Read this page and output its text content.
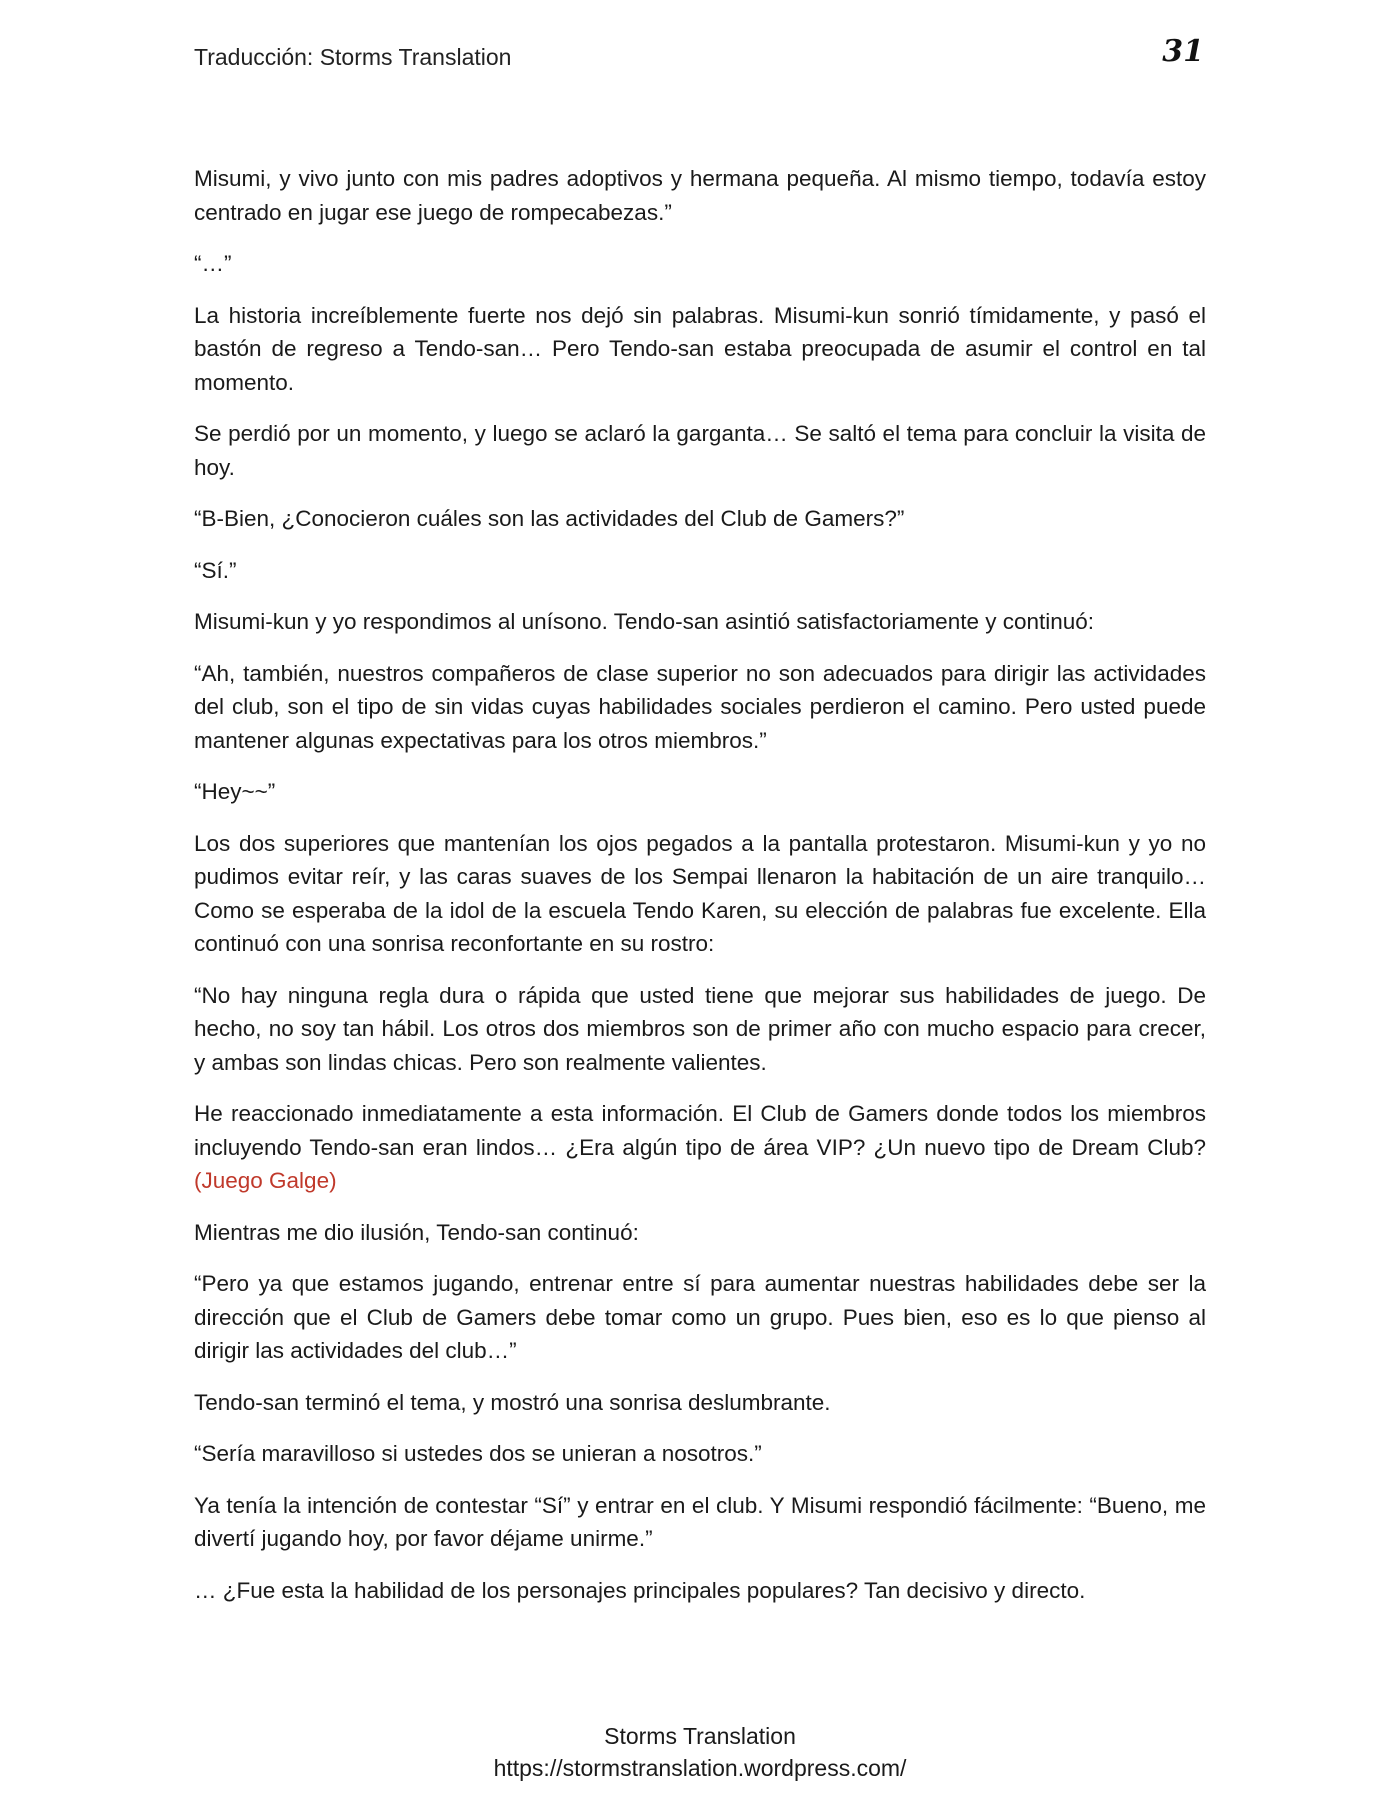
Traducción: Storms Translation	31

Misumi, y vivo junto con mis padres adoptivos y hermana pequeña. Al mismo tiempo, todavía estoy centrado en jugar ese juego de rompecabezas.”

“…”

La historia increíblemente fuerte nos dejó sin palabras. Misumi-kun sonrió tímidamente, y pasó el bastón de regreso a Tendo-san… Pero Tendo-san estaba preocupada de asumir el control en tal momento.

Se perdió por un momento, y luego se aclaró la garganta… Se saltó el tema para concluir la visita de hoy.

“B-Bien, ¿Conocieron cuáles son las actividades del Club de Gamers?”

“Sí.”

Misumi-kun y yo respondimos al unísono. Tendo-san asintió satisfactoriamente y continuó:

“Ah, también, nuestros compañeros de clase superior no son adecuados para dirigir las actividades del club, son el tipo de sin vidas cuyas habilidades sociales perdieron el camino. Pero usted puede mantener algunas expectativas para los otros miembros.”

“Hey~~”

Los dos superiores que mantenían los ojos pegados a la pantalla protestaron. Misumi-kun y yo no pudimos evitar reír, y las caras suaves de los Sempai llenaron la habitación de un aire tranquilo… Como se esperaba de la idol de la escuela Tendo Karen, su elección de palabras fue excelente. Ella continuó con una sonrisa reconfortante en su rostro:

“No hay ninguna regla dura o rápida que usted tiene que mejorar sus habilidades de juego. De hecho, no soy tan hábil. Los otros dos miembros son de primer año con mucho espacio para crecer, y ambas son lindas chicas. Pero son realmente valientes.

He reaccionado inmediatamente a esta información. El Club de Gamers donde todos los miembros incluyendo Tendo-san eran lindos… ¿Era algún tipo de área VIP? ¿Un nuevo tipo de Dream Club? (Juego Galge)

Mientras me dio ilusión, Tendo-san continuó:

“Pero ya que estamos jugando, entrenar entre sí para aumentar nuestras habilidades debe ser la dirección que el Club de Gamers debe tomar como un grupo. Pues bien, eso es lo que pienso al dirigir las actividades del club…”

Tendo-san terminó el tema, y mostró una sonrisa deslumbrante.

“Sería maravilloso si ustedes dos se unieran a nosotros.”

Ya tenía la intención de contestar “Sí” y entrar en el club. Y Misumi respondió fácilmente: “Bueno, me divertí jugando hoy, por favor déjame unirme.”

… ¿Fue esta la habilidad de los personajes principales populares? Tan decisivo y directo.

Storms Translation
https://stormstranslation.wordpress.com/
